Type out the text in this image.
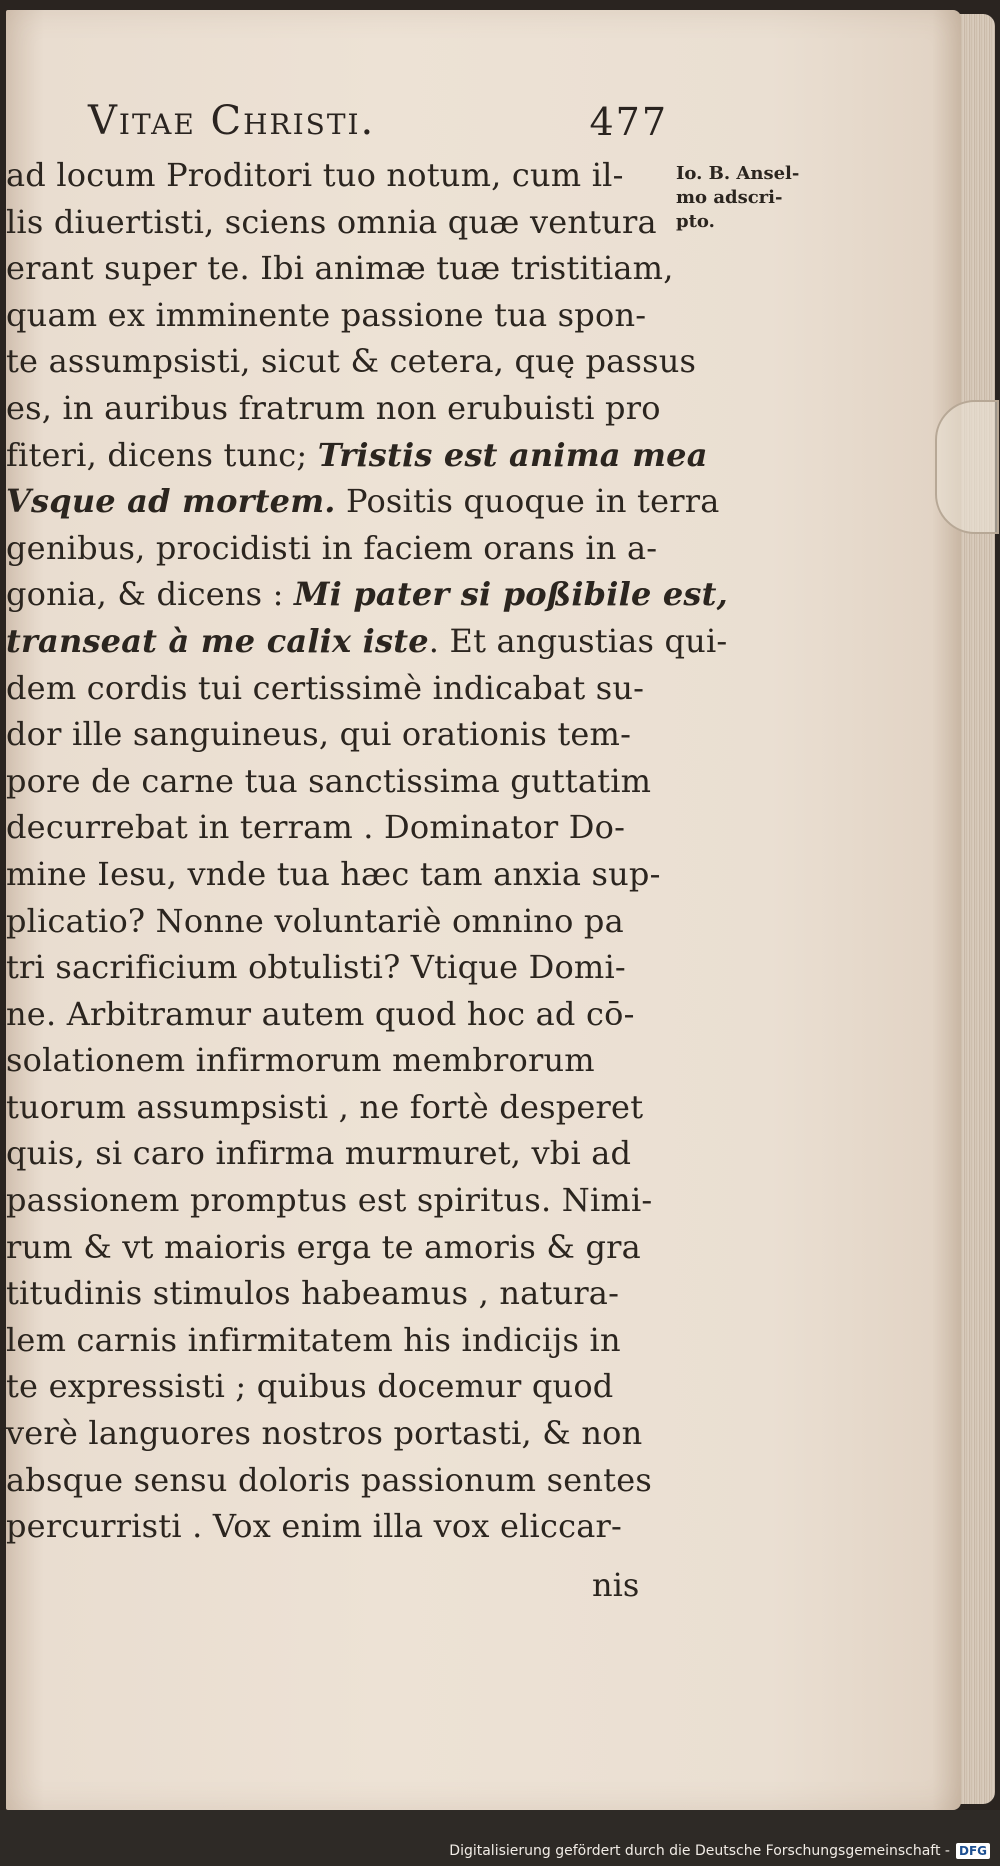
Vitae Christi.	477
Io. B. Ansel-
mo adscri-
pto.
ad locum Proditori tuo notum, cum il-
lis diuertisti, sciens omnia quæ ventura
erant super te. Ibi animæ tuæ tristitiam,
quam ex imminente passione tua spon-
te assumpsisti, sicut & cetera, quę passus
es, in auribus fratrum non erubuisti pro
fiteri, dicens tunc; Tristis est anima mea
Vsque ad mortem. Positis quoque in terra
genibus, procidisti in faciem orans in a-
gonia, & dicens : Mi pater si poßibile est,
transeat à me calix iste. Et angustias qui-
dem cordis tui certissimè indicabat su-
dor ille sanguineus, qui orationis tem-
pore de carne tua sanctissima guttatim
decurrebat in terram . Dominator Do-
mine Iesu, vnde tua hæc tam anxia sup-
plicatio? Nonne voluntariè omnino pa
tri sacrificium obtulisti? Vtique Domi-
ne. Arbitramur autem quod hoc ad cō-
solationem infirmorum membrorum
tuorum assumpsisti , ne fortè desperet
quis, si caro infirma murmuret, vbi ad
passionem promptus est spiritus. Nimi-
rum & vt maioris erga te amoris & gra
titudinis stimulos habeamus , natura-
lem carnis infirmitatem his indicijs in
te expressisti ; quibus docemur quod
verè languores nostros portasti, & non
absque sensu doloris passionum sentes
percurristi . Vox enim illa vox eliccar-
nis
Digitalisierung gefördert durch die Deutsche Forschungsgemeinschaft - DFG
